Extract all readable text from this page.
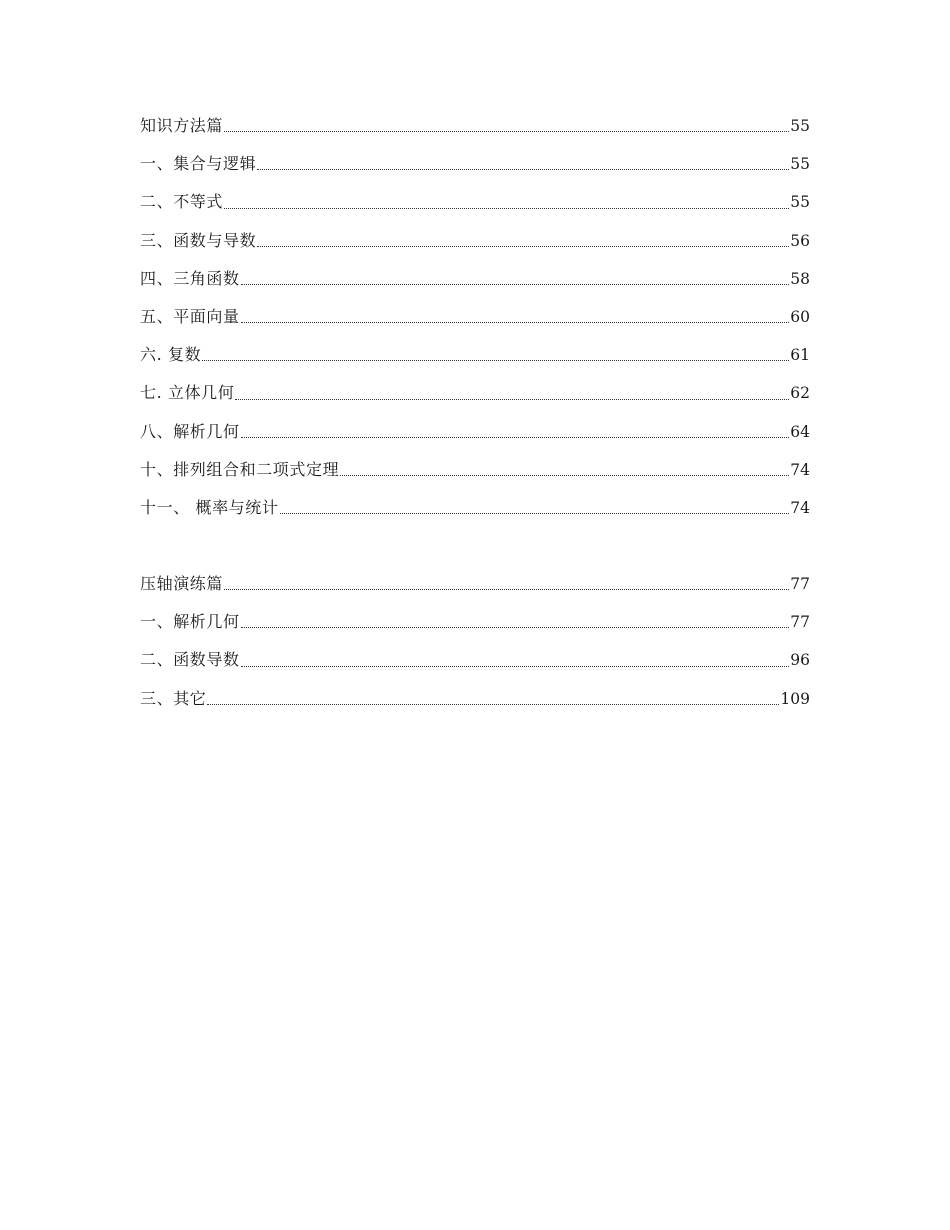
知识方法篇	55
一、集合与逻辑	55
二、不等式	55
三、函数与导数	56
四、三角函数	58
五、平面向量	60
六. 复数	61
七. 立体几何	62
八、解析几何	64
十、排列组合和二项式定理	74
十一、 概率与统计	74
压轴演练篇	77
一、解析几何	77
二、函数导数	96
三、其它	109
